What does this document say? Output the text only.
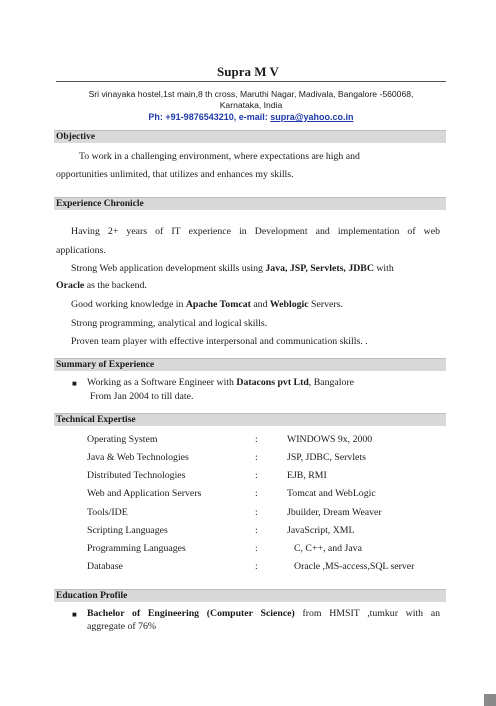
Supra M V
Sri vinayaka hostel,1st main,8 th cross, Maruthi Nagar, Madivala, Bangalore -560068,
Karnataka, India
Ph: +91-9876543210, e-mail: supra@yahoo.co.in
Objective
To work in a challenging environment, where expectations are high and
opportunities unlimited, that utilizes and enhances my skills.
Experience Chronicle
Having 2+ years of IT experience in Development and implementation of web
applications.
Strong Web application development skills using Java, JSP, Servlets, JDBC with
Oracle as the backend.
Good working knowledge in Apache Tomcat and Weblogic Servers.
Strong programming, analytical and logical skills.
Proven team player with effective interpersonal and communication skills. .
Summary of Experience
■ Working as a Software Engineer with Datacons pvt Ltd, Bangalore
From Jan 2004 to till date.
Technical Expertise
Operating System	:	WINDOWS 9x, 2000
Java & Web Technologies	:	JSP, JDBC, Servlets
Distributed Technologies	:	EJB, RMI
Web and Application Servers	:	Tomcat and WebLogic
Tools/IDE	:	Jbuilder, Dream Weaver
Scripting Languages	:	JavaScript, XML
Programming Languages	:	C, C++, and Java
Database	:	Oracle ,MS-access,SQL server
Education Profile
■ Bachelor of Engineering (Computer Science) from HMSIT ,tumkur with an
aggregate of 76%
